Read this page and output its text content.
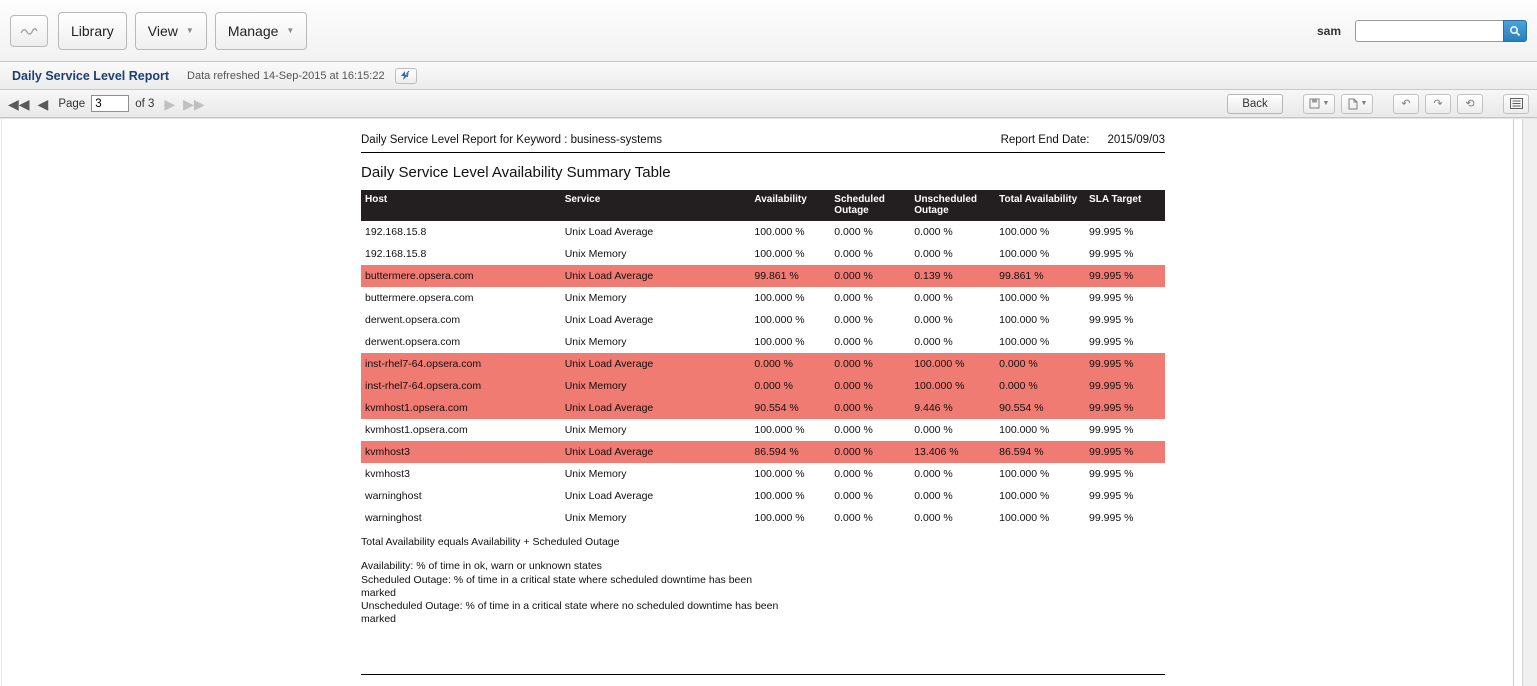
Library View ▼ Manage ▼	sam
Daily Service Level Report Data refreshed 14-Sep-2015 at 16:15:22
◀◀ ◀ Page
3	of 3 ▶ ▶▶	Back	▼	▼	↶	↷	⟲
Daily Service Level Report for Keyword : business-systems	Report End Date: 2015/09/03
Daily Service Level Availability Summary Table
Host	Service	Availability	Scheduled Outage	Unscheduled Outage	Total Availability	SLA Target
192.168.15.8	Unix Load Average	100.000 %	0.000 %	0.000 %	100.000 %	99.995 %
192.168.15.8	Unix Memory	100.000 %	0.000 %	0.000 %	100.000 %	99.995 %
buttermere.opsera.com	Unix Load Average	99.861 %	0.000 %	0.139 %	99.861 %	99.995 %
buttermere.opsera.com	Unix Memory	100.000 %	0.000 %	0.000 %	100.000 %	99.995 %
derwent.opsera.com	Unix Load Average	100.000 %	0.000 %	0.000 %	100.000 %	99.995 %
derwent.opsera.com	Unix Memory	100.000 %	0.000 %	0.000 %	100.000 %	99.995 %
inst-rhel7-64.opsera.com	Unix Load Average	0.000 %	0.000 %	100.000 %	0.000 %	99.995 %
inst-rhel7-64.opsera.com	Unix Memory	0.000 %	0.000 %	100.000 %	0.000 %	99.995 %
kvmhost1.opsera.com	Unix Load Average	90.554 %	0.000 %	9.446 %	90.554 %	99.995 %
kvmhost1.opsera.com	Unix Memory	100.000 %	0.000 %	0.000 %	100.000 %	99.995 %
kvmhost3	Unix Load Average	86.594 %	0.000 %	13.406 %	86.594 %	99.995 %
kvmhost3	Unix Memory	100.000 %	0.000 %	0.000 %	100.000 %	99.995 %
warninghost	Unix Load Average	100.000 %	0.000 %	0.000 %	100.000 %	99.995 %
warninghost	Unix Memory	100.000 %	0.000 %	0.000 %	100.000 %	99.995 %
Total Availability equals Availability + Scheduled Outage
Availability: % of time in ok, warn or unknown states
Scheduled Outage: % of time in a critical state where scheduled downtime has been marked
Unscheduled Outage: % of time in a critical state where no scheduled downtime has been marked
